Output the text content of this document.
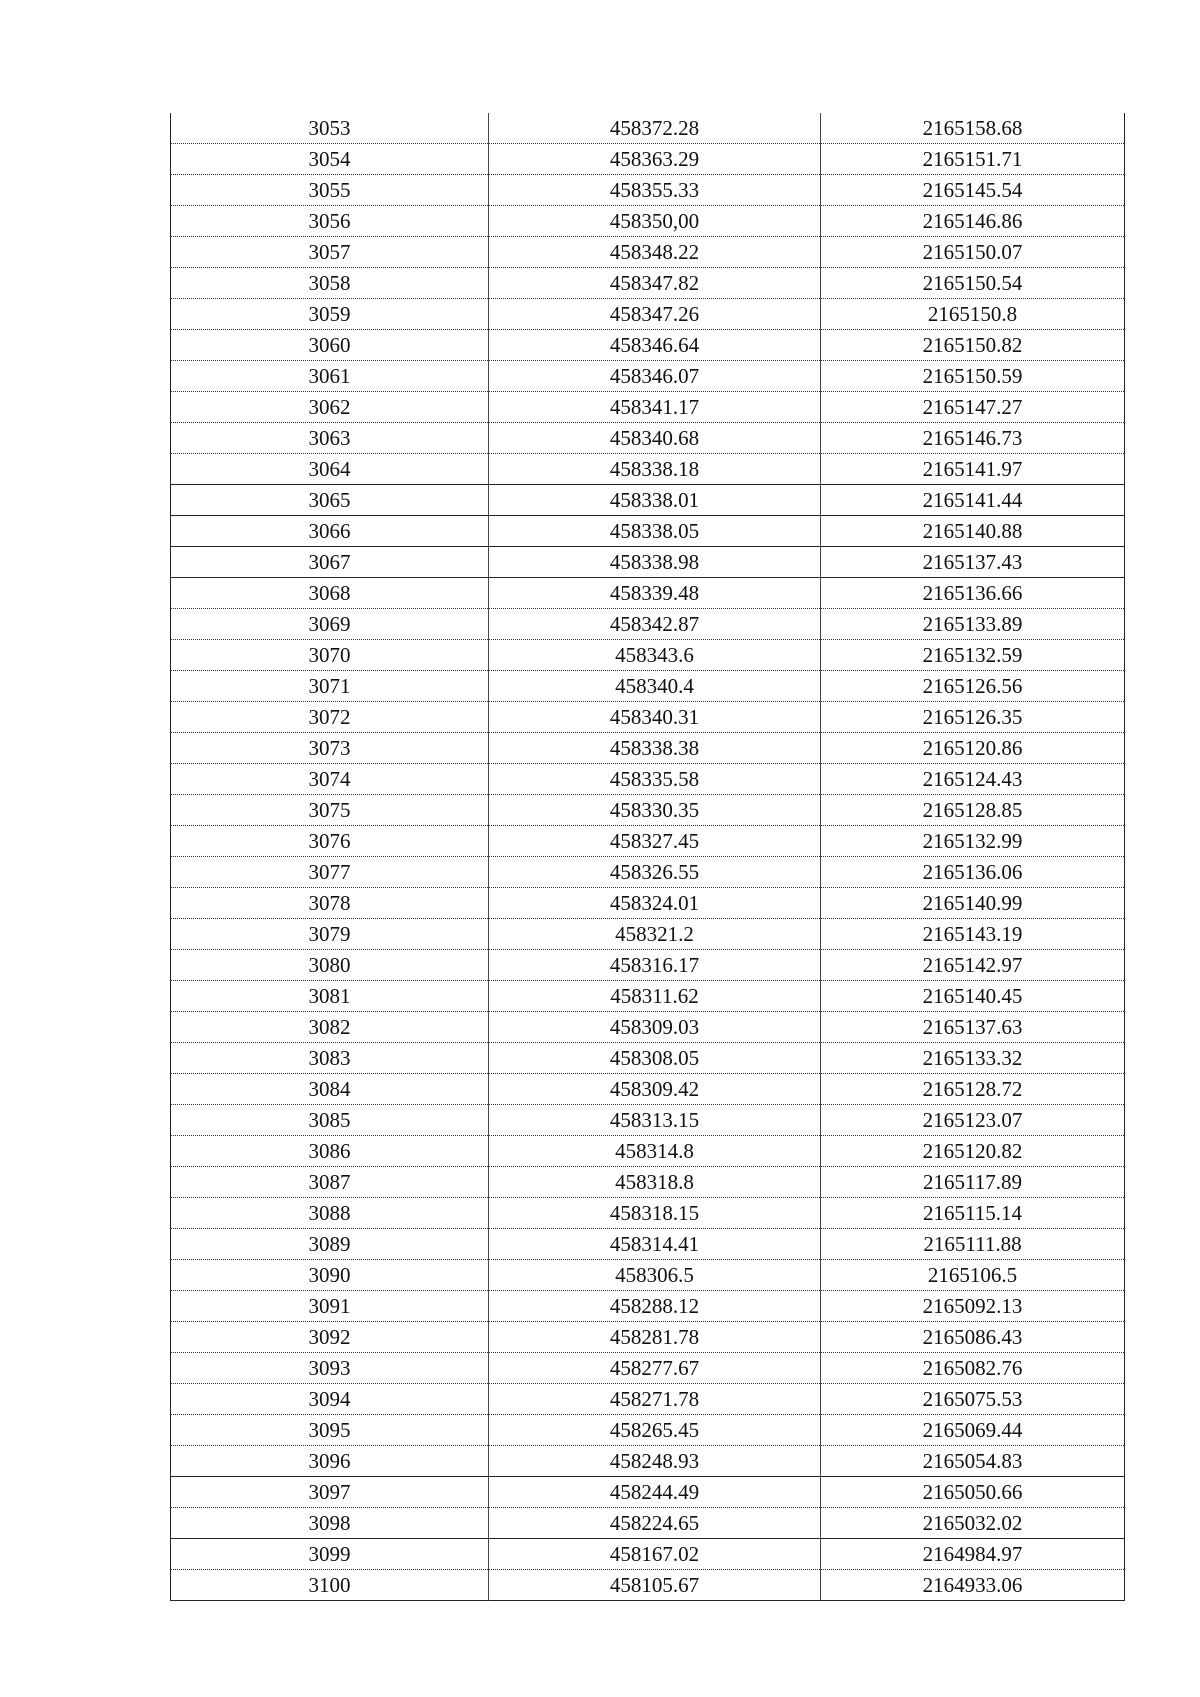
3053	458372.28	2165158.68
3054	458363.29	2165151.71
3055	458355.33	2165145.54
3056	458350,00	2165146.86
3057	458348.22	2165150.07
3058	458347.82	2165150.54
3059	458347.26	2165150.8
3060	458346.64	2165150.82
3061	458346.07	2165150.59
3062	458341.17	2165147.27
3063	458340.68	2165146.73
3064	458338.18	2165141.97
3065	458338.01	2165141.44
3066	458338.05	2165140.88
3067	458338.98	2165137.43
3068	458339.48	2165136.66
3069	458342.87	2165133.89
3070	458343.6	2165132.59
3071	458340.4	2165126.56
3072	458340.31	2165126.35
3073	458338.38	2165120.86
3074	458335.58	2165124.43
3075	458330.35	2165128.85
3076	458327.45	2165132.99
3077	458326.55	2165136.06
3078	458324.01	2165140.99
3079	458321.2	2165143.19
3080	458316.17	2165142.97
3081	458311.62	2165140.45
3082	458309.03	2165137.63
3083	458308.05	2165133.32
3084	458309.42	2165128.72
3085	458313.15	2165123.07
3086	458314.8	2165120.82
3087	458318.8	2165117.89
3088	458318.15	2165115.14
3089	458314.41	2165111.88
3090	458306.5	2165106.5
3091	458288.12	2165092.13
3092	458281.78	2165086.43
3093	458277.67	2165082.76
3094	458271.78	2165075.53
3095	458265.45	2165069.44
3096	458248.93	2165054.83
3097	458244.49	2165050.66
3098	458224.65	2165032.02
3099	458167.02	2164984.97
3100	458105.67	2164933.06
